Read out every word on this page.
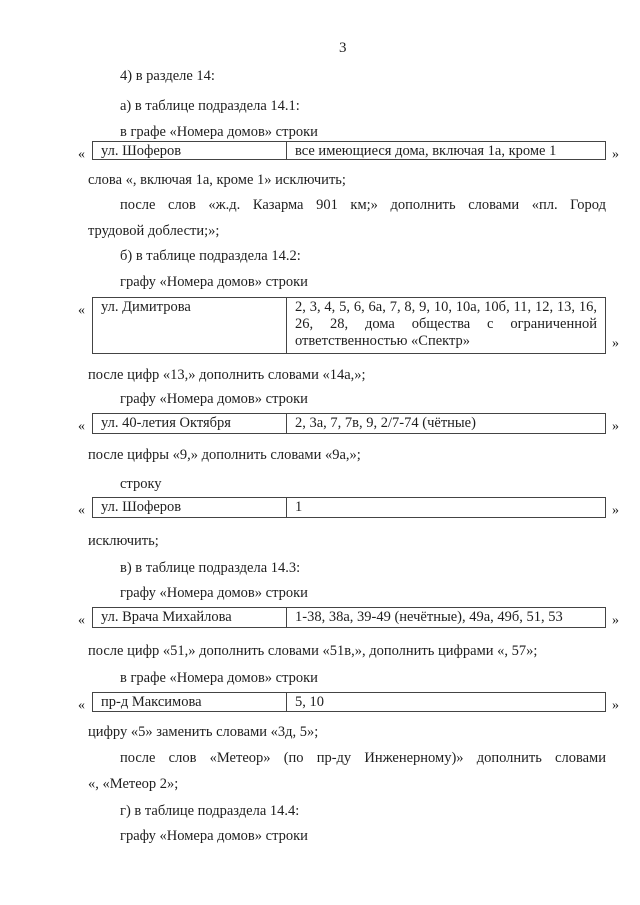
3
4) в разделе 14:
а) в таблице подраздела 14.1:
в графе «Номера домов» строки
«	ул. Шоферов	все имеющиеся дома, включая 1а, кроме 1	»
слова «, включая 1а, кроме 1» исключить;
после слов «ж.д. Казарма 901 км;» дополнить словами «пл. Город
трудовой доблести;»;
б) в таблице подраздела 14.2:
графу «Номера домов» строки
«	ул. Димитрова	2, 3, 4, 5, 6, 6а, 7, 8, 9, 10, 10а, 10б, 11, 12, 13, 16, 26, 28, дома общества с ограниченной ответственностью «Спектр»	»
после цифр «13,» дополнить словами «14а,»;
графу «Номера домов» строки
«	ул. 40-летия Октября	2, 3а, 7, 7в, 9, 2/7-74 (чётные)	»
после цифры «9,» дополнить словами «9а,»;
строку
«	ул. Шоферов	1	»
исключить;
в) в таблице подраздела 14.3:
графу «Номера домов» строки
«	ул. Врача Михайлова	1-38, 38а, 39-49 (нечётные), 49а, 49б, 51, 53	»
после цифр «51,» дополнить словами «51в,», дополнить цифрами «, 57»;
в графе «Номера домов» строки
«	пр-д Максимова	5, 10	»
цифру «5» заменить словами «3д, 5»;
после слов «Метеор» (по пр-ду Инженерному)» дополнить словами
«, «Метеор 2»;
г) в таблице подраздела 14.4:
графу «Номера домов» строки
